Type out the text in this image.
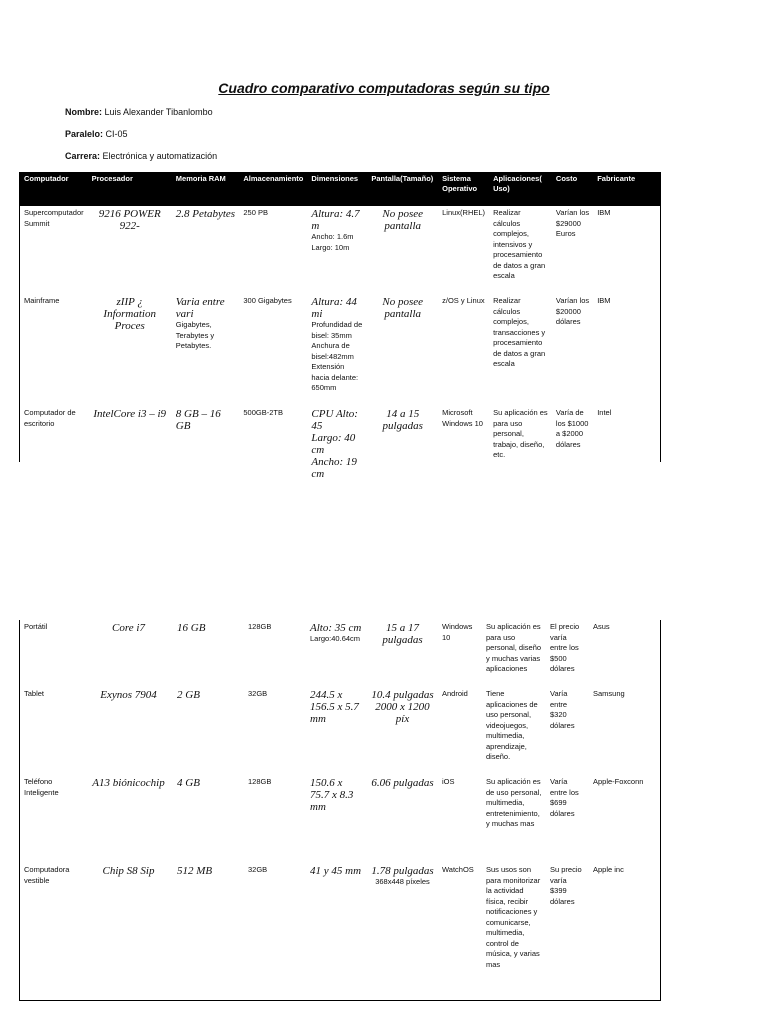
Cuadro comparativo computadoras según su tipo
Nombre: Luis Alexander Tibanlombo
Paralelo: CI-05
Carrera: Electrónica y automatización
Computador	Procesador	Memoria RAM	Almacenamiento	Dimensiones	Pantalla(Tamaño)	Sistema Operativo	Aplicaciones( Uso)	Costo	Fabricante
Supercomputador Summit	9216 POWER 922-	2.8 Petabytes	250 PB	Altura: 4.7 m
Ancho: 1.6m
Largo: 10m	No posee pantalla	Linux(RHEL)	Realizar cálculos complejos, intensivos y procesamiento de datos a gran escala	Varían los $29000 Euros	IBM
Mainframe	zIIP ¿ Information Proces	Varia entre vari
Gigabytes, Terabytes y Petabytes.	300 Gigabytes	Altura: 44 mi
Profundidad de bisel: 35mm
Anchura de bisel:482mm
Extensión hacia delante: 650mm	No posee pantalla	z/OS y Linux	Realizar cálculos complejos, transacciones y procesamiento de datos a gran escala	Varían los $20000 dólares	IBM
Computador de escritorio	IntelCore i3 – i9	8 GB – 16 GB	500GB-2TB	CPU Alto: 45
Largo: 40 cm
Ancho: 19 cm	14 a 15 pulgadas	Microsoft Windows 10	Su aplicación es para uso personal, trabajo, diseño, etc.	Varía de los $1000 a $2000 dólares	Intel
Portátil	Core i7	16 GB	128GB	Alto: 35 cm
Largo:40.64cm	15 a 17 pulgadas	Windows 10	Su aplicación es para uso personal, diseño y muchas varias aplicaciones	El precio varía entre los $500 dólares	Asus
Tablet	Exynos 7904	2 GB	32GB	244.5 x 156.5 x 5.7 mm	10.4 pulgadas 2000 x 1200 píx	Android	Tiene aplicaciones de uso personal, videojuegos, multimedia, aprendizaje, diseño.	Varía entre $320 dólares	Samsung
Teléfono Inteligente	A13 biónicochip	4 GB	128GB	150.6 x 75.7 x 8.3 mm	6.06 pulgadas	iOS	Su aplicación es de uso personal, multimedia, entretenimiento, y muchas mas	Varía entre los $699 dólares	Apple-Foxconn
Computadora vestible	Chip S8 Sip	512 MB	32GB	41 y 45 mm	1.78 pulgadas
368x448 píxeles	WatchOS	Sus usos son para monitorizar la actividad física, recibir notificaciones y comunicarse, multimedia, control de música, y varias mas	Su precio varía $399 dólares	Apple inc
